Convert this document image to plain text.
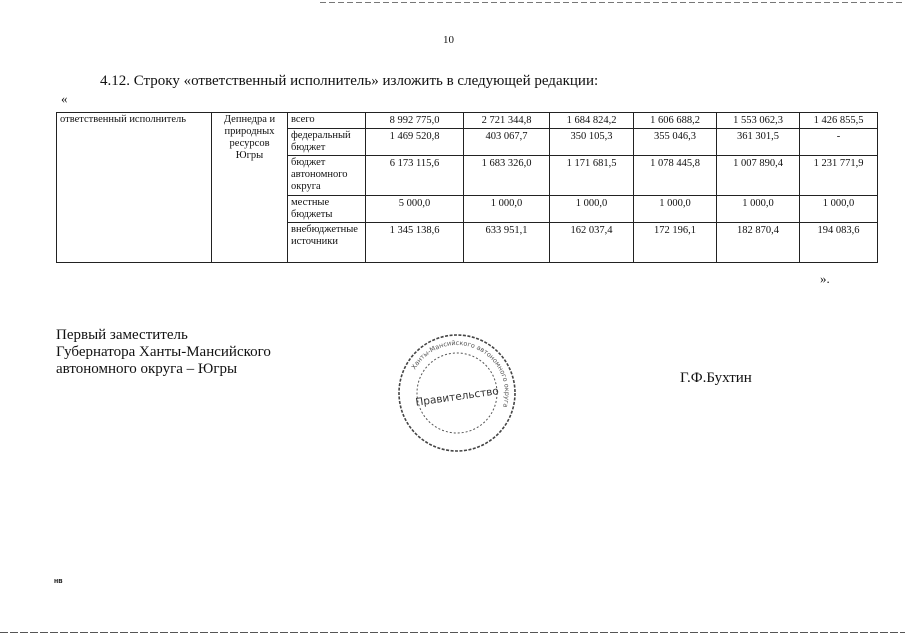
10
4.12. Строку «ответственный исполнитель» изложить в следующей редакции:
«
ответственный исполнитель	Депнедра и природных ресурсов Югры	всего	8 992 775,0	2 721 344,8	1 684 824,2	1 606 688,2	1 553 062,3	1 426 855,5
		федеральный бюджет	1 469 520,8	403 067,7	350 105,3	355 046,3	361 301,5	-
		бюджет автономного округа	6 173 115,6	1 683 326,0	1 171 681,5	1 078 445,8	1 007 890,4	1 231 771,9
		местные бюджеты	5 000,0	1 000,0	1 000,0	1 000,0	1 000,0	1 000,0
		внебюджетные источники	1 345 138,6	633 951,1	162 037,4	172 196,1	182 870,4	194 083,6
».
Первый заместитель
Губернатора Ханты-Мансийского
автономного округа – Югры	Ханты-Мансийского автономного округа
Правительство
Г.Ф.Бухтин
нв
